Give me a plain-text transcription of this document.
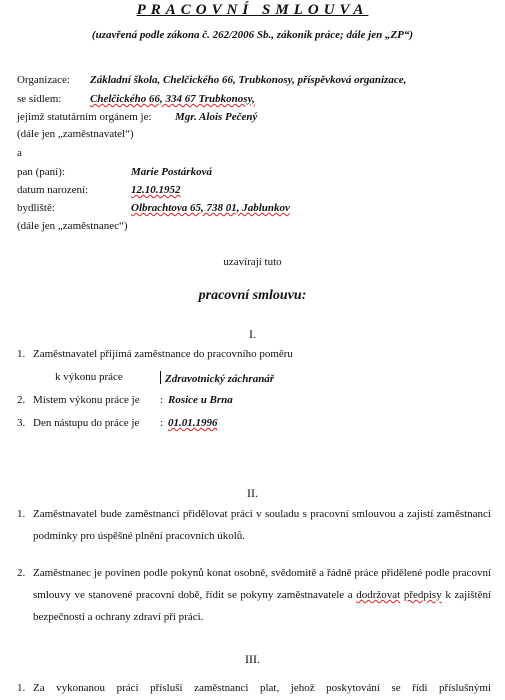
PRACOVNÍ SMLOUVA
(uzavřená podle zákona č. 262/2006 Sb., zákoník práce; dále jen „ZP“)
Organizace: Základní škola, Chelčického 66, Trubkonosy, příspěvková organizace,
se sídlem:	Chelčického 66, 334 67 Trubkonosy,
jejímž statutárním orgánem je: Mgr. Alois Pečený
(dále jen „zaměstnavatel“)
a
pan (paní):	Marie Postárková
datum narození:	12.10.1952
bydliště:	Olbrachtova 65, 738 01, Jablunkov
(dále jen „zaměstnanec“)
uzavírají tuto
pracovní smlouvu:
I.
1. Zaměstnavatel přijímá zaměstnance do pracovního poměru
k výkonu práce	Zdravotnický záchranář
2. Místem výkonu práce je : Rosice u Brna
3. Den nástupu do práce je : 01.01.1996
II.
1. Zaměstnavatel bude zaměstnanci přidělovat práci v souladu s pracovní smlouvou a zajistí zaměstnanci podmínky pro úspěšné plnění pracovních úkolů.
2. Zaměstnanec je povinen podle pokynů konat osobně, svědomitě a řádně práce přidělené podle pracovní smlouvy ve stanovené pracovní době, řídit se pokyny zaměstnavatele a dodržovat předpisy k zajištění bezpečnosti a ochrany zdraví při práci.
III.
1. Za vykonanou práci přísluší zaměstnanci plat, jehož poskytování se řídí příslušnými
